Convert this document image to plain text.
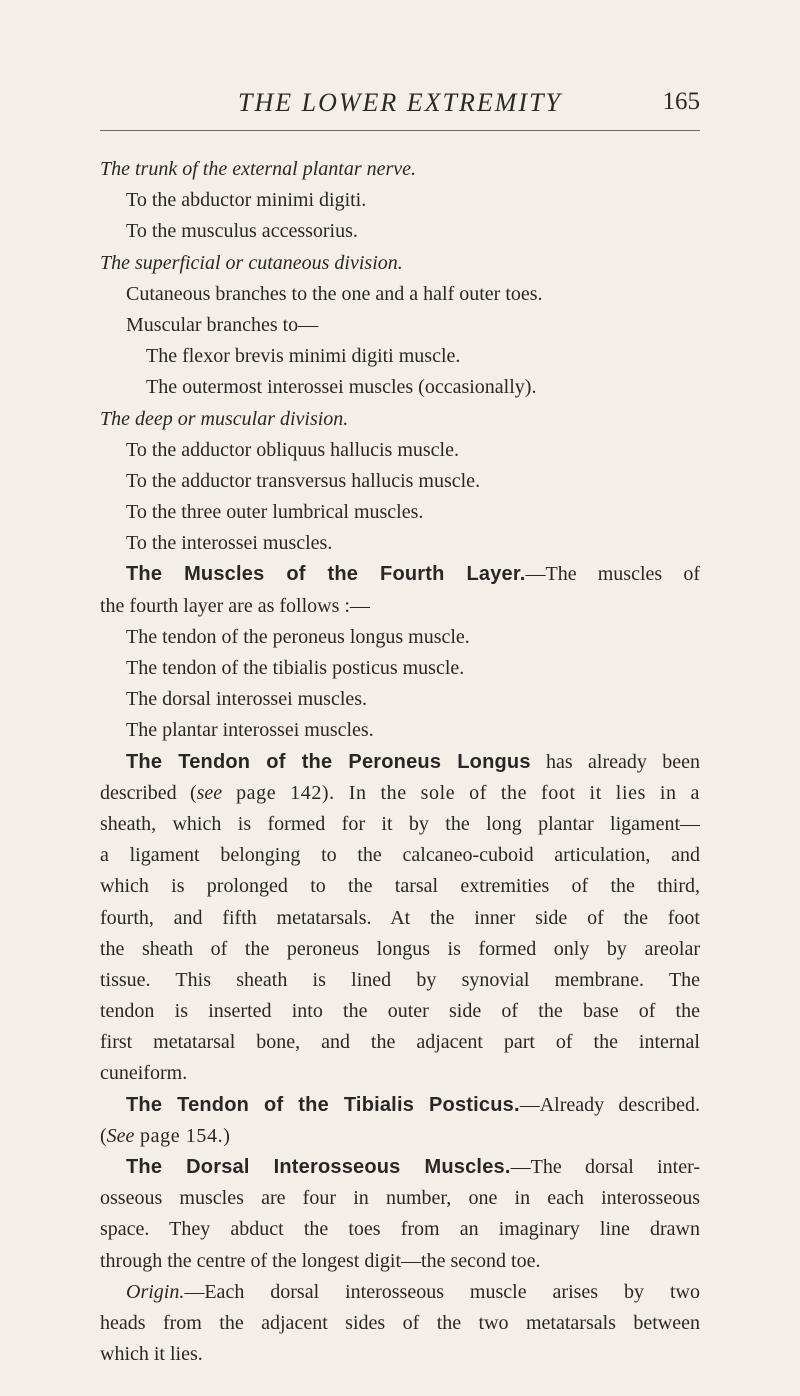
THE LOWER EXTREMITY	165
The trunk of the external plantar nerve.
To the abductor minimi digiti.
To the musculus accessorius.
The superficial or cutaneous division.
Cutaneous branches to the one and a half outer toes.
Muscular branches to—
The flexor brevis minimi digiti muscle.
The outermost interossei muscles (occasionally).
The deep or muscular division.
To the adductor obliquus hallucis muscle.
To the adductor transversus hallucis muscle.
To the three outer lumbrical muscles.
To the interossei muscles.
The Muscles of the Fourth Layer.—The muscles of
the fourth layer are as follows :—
The tendon of the peroneus longus muscle.
The tendon of the tibialis posticus muscle.
The dorsal interossei muscles.
The plantar interossei muscles.
The Tendon of the Peroneus Longus has already been
described (see page 142). In the sole of the foot it lies in a
sheath, which is formed for it by the long plantar ligament—
a ligament belonging to the calcaneo-cuboid articulation, and
which is prolonged to the tarsal extremities of the third,
fourth, and fifth metatarsals. At the inner side of the foot
the sheath of the peroneus longus is formed only by areolar
tissue. This sheath is lined by synovial membrane. The
tendon is inserted into the outer side of the base of the
first metatarsal bone, and the adjacent part of the internal
cuneiform.
The Tendon of the Tibialis Posticus.—Already described.
(See page 154.)
The Dorsal Interosseous Muscles.—The dorsal inter-
osseous muscles are four in number, one in each interosseous
space. They abduct the toes from an imaginary line drawn
through the centre of the longest digit—the second toe.
Origin.—Each dorsal interosseous muscle arises by two
heads from the adjacent sides of the two metatarsals between
which it lies.
